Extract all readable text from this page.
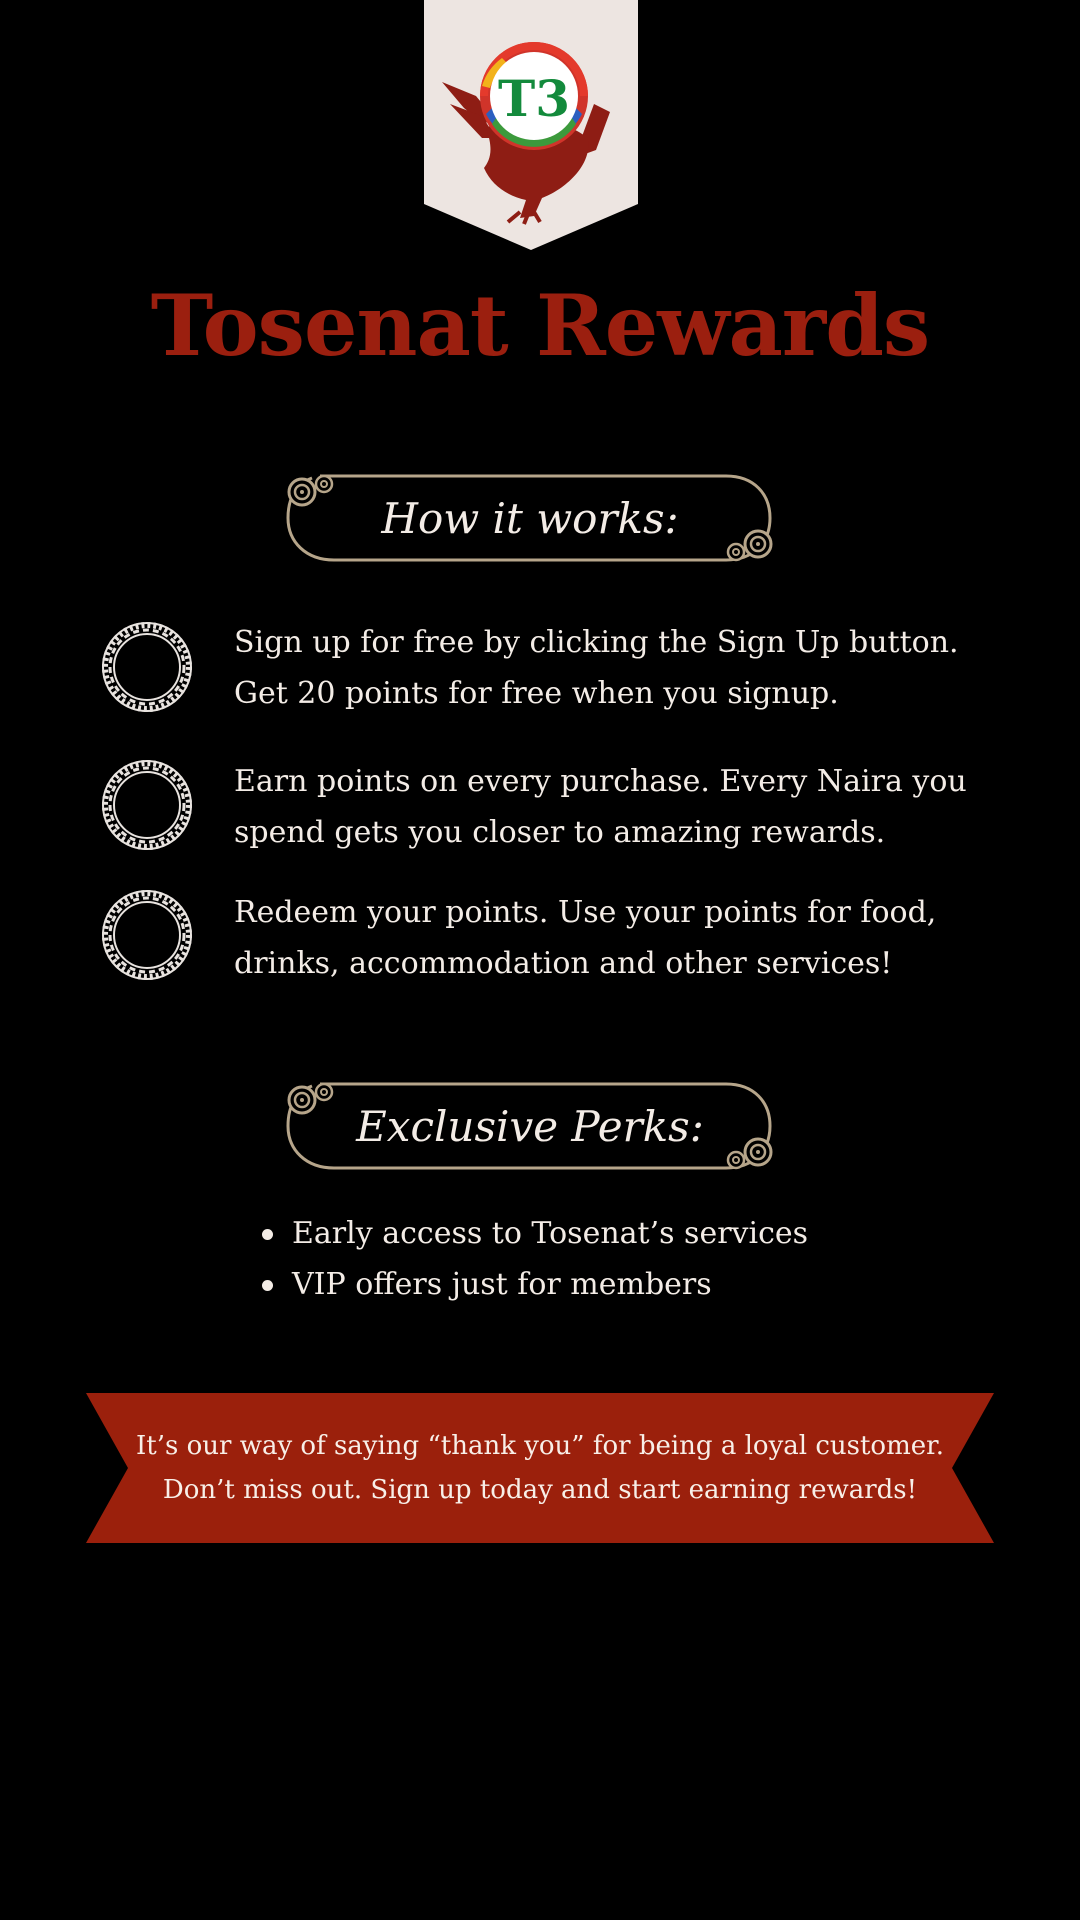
T3
Tosenat Rewards
How it works:
Sign up for free by clicking the Sign Up button. Get 20 points for free when you signup.
Earn points on every purchase. Every Naira you spend gets you closer to amazing rewards.
Redeem your points. Use your points for food, drinks, accommodation and other services!
Exclusive Perks:
Early access to Tosenat’s services
VIP offers just for members
It’s our way of saying “thank you” for being a loyal customer.
Don’t miss out. Sign up today and start earning rewards!
